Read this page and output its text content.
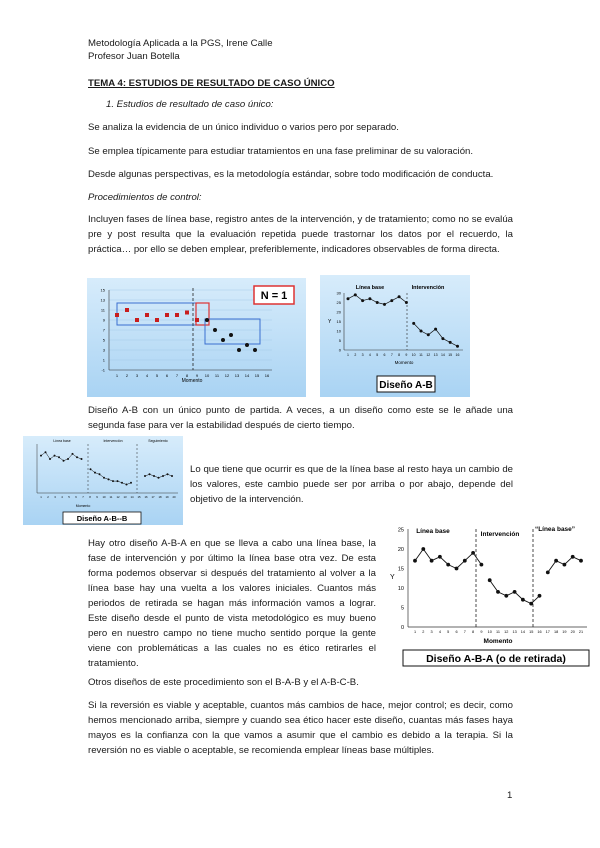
Metodología Aplicada a la PGS, Irene Calle
Profesor Juan Botella
TEMA 4: ESTUDIOS DE RESULTADO DE CASO ÚNICO
1. Estudios de resultado de caso único:
Se analiza la evidencia de un único individuo o varios pero por separado.
Se emplea típicamente para estudiar tratamientos en una fase preliminar de su valoración.
Desde algunas perspectivas, es la metodología estándar, sobre todo modificación de conducta.
Procedimientos de control:
Incluyen fases de línea base, registro antes de la intervención, y de tratamiento; como no se evalúa pre y post resulta que la evaluación repetida puede trastornar los datos por el recuerdo, la práctica… por ello se deben emplear, preferiblemente, indicadores observables de forma directa.
15
13
11
9
7
5
3
1
-1
1 2 3 4 5 6 7 8 9 10 11 12 13 14 15 16
N = 1
Momento
Línea base	Intervención
30
25
20
15
10
5
0
1 2 3 4 5 6 7 8 9 10 11 12 13 14 15 16
Y
Momento
Diseño A-B
Diseño A-B con un único punto de partida. A veces, a un diseño como este se le añade una segunda fase para ver la estabilidad después de cierto tiempo.
Línea base	Intervención	Seguimiento
1 2 3 4 5 6 7 8 9 10 11 12 13 14 15 16 17 18 19 20
Momento
Diseño A-B--B
Lo que tiene que ocurrir es que de la línea base al resto haya un cambio de los valores, este cambio puede ser por arriba o por abajo, depende del objetivo de la intervención.
Hay otro diseño A-B-A en que se lleva a cabo una línea base, la fase de intervención y por último la línea base otra vez. De esta forma podemos observar si después del tratamiento al volver a la línea base hay una vuelta a los valores iniciales. Cuantos más periodos de retirada se hagan más información vamos a lograr. Este diseño desde el punto de vista metodológico es muy bueno pero en nuestro campo no tiene mucho sentido porque la gente viene con problemáticas a las cuales no es ético retirarles el tratamiento.
Línea base	Intervención
“Línea base”
25
20
15
10
5
0
1 2 3 4 5 6 7 8 9 10 11 12 13 14 15 16 17 18 19 20 21
Y
Momento
Diseño A-B-A (o de retirada)
Otros diseños de este procedimiento son el B-A-B y el A-B-C-B.
Si la reversión es viable y aceptable, cuantos más cambios de hace, mejor control; es decir, como hemos mencionado arriba, siempre y cuando sea ético hacer este diseño, cuantas más fases haya mayos es la confianza con la que vamos a asumir que el cambio es debido a la terapia. Si la reversión no es viable o aceptable, se recomienda emplear líneas base múltiples.
1
